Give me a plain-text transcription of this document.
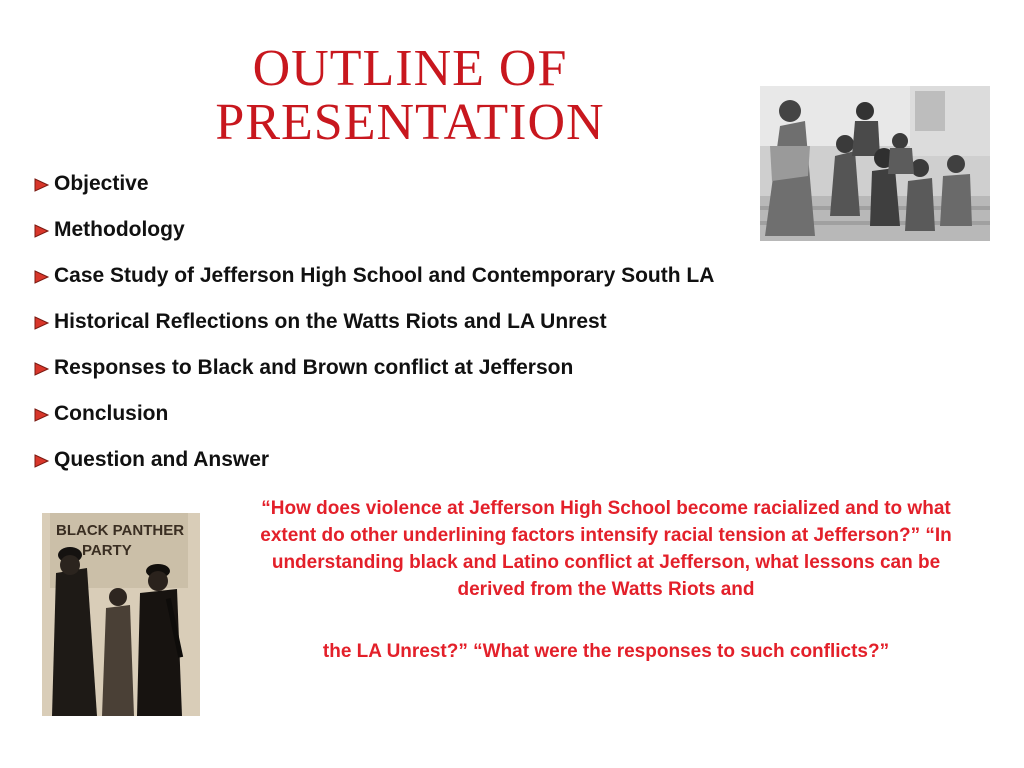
OUTLINE OF
PRESENTATION
Objective
Methodology
Case Study of Jefferson High School and Contemporary South LA
Historical Reflections on the Watts Riots and LA Unrest
Responses to Black and Brown conflict at Jefferson
Conclusion
Question and Answer
“How does violence at Jefferson High School become racialized and to what extent do other underlining factors intensify racial tension at Jefferson?” “In understanding black and Latino conflict at Jefferson, what lessons can be derived from the Watts Riots and
the LA Unrest?” “What were the responses to such conflicts?”
BLACK PANTHER
PARTY
